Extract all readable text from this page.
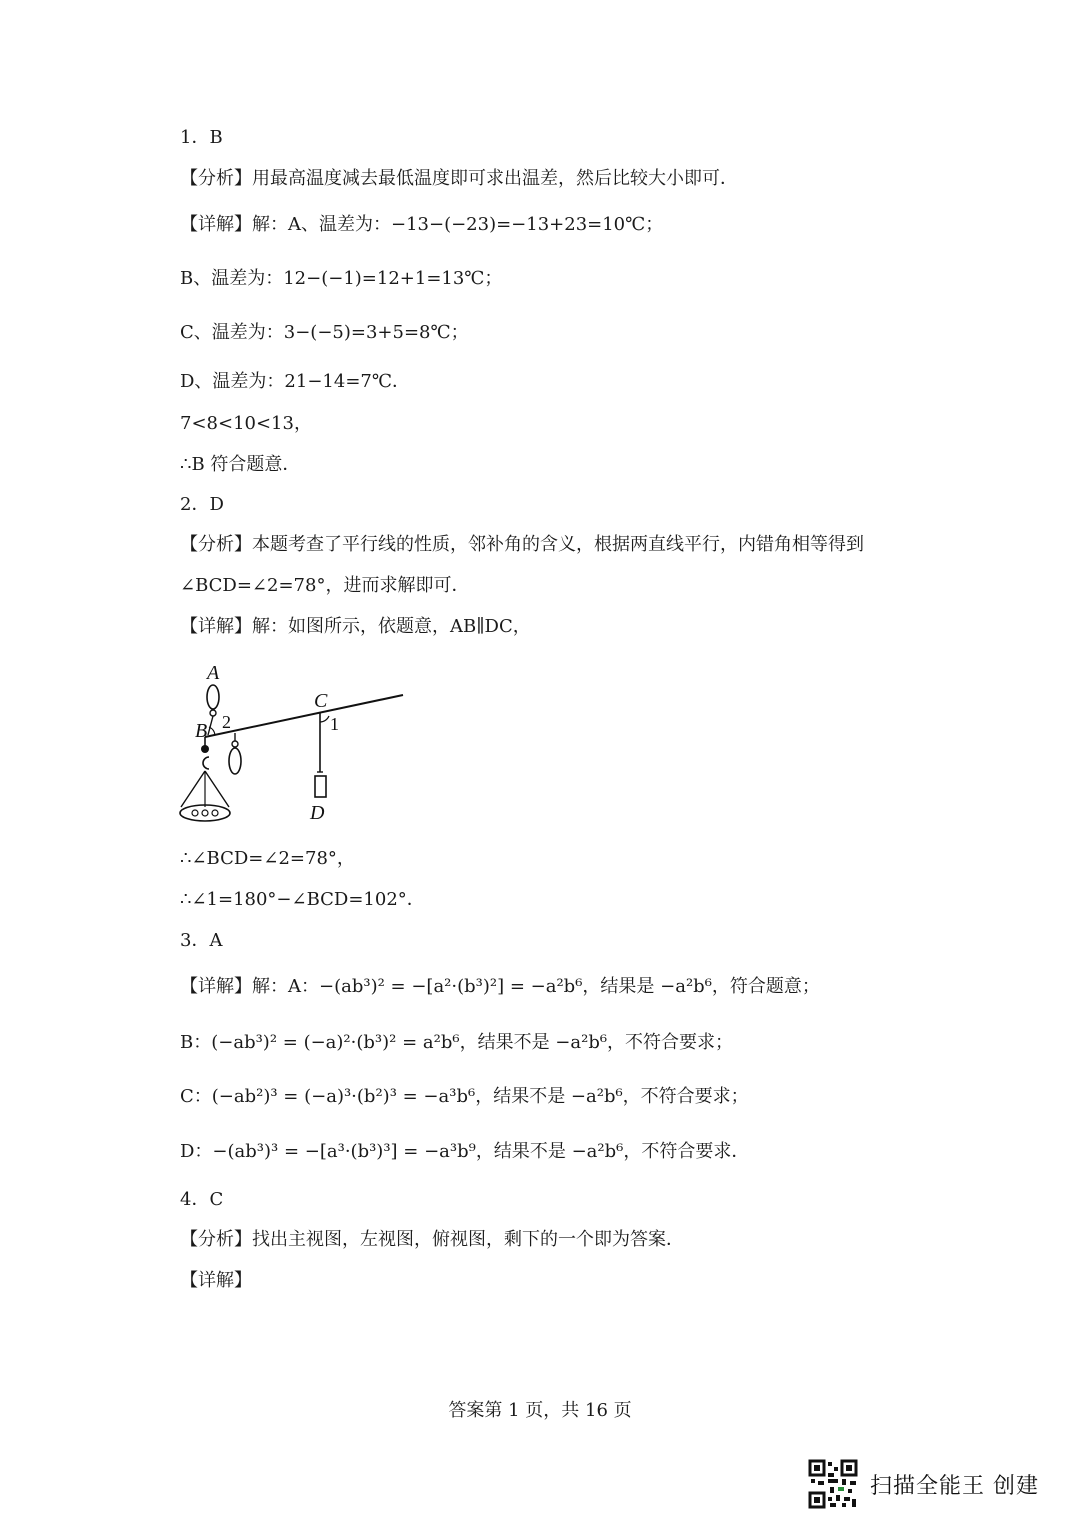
1．B
【分析】用最高温度减去最低温度即可求出温差，然后比较大小即可．
【详解】解：A、温差为：−13−(−23)=−13+23=10℃；
B、温差为：12−(−1)=12+1=13℃；
C、温差为：3−(−5)=3+5=8℃；
D、温差为：21−14=7℃．
7<8<10<13，
∴B 符合题意．
2．D
【分析】本题考查了平行线的性质，邻补角的含义，根据两直线平行，内错角相等得到
∠BCD=∠2=78°，进而求解即可．
【详解】解：如图所示，依题意，AB∥DC，
A
B 2
C
1
D
∴∠BCD=∠2=78°，
∴∠1=180°−∠BCD=102°．
3．A
【详解】解：A：−(ab³)² = −[a²·(b³)²] = −a²b⁶，结果是 −a²b⁶，符合题意；
B：(−ab³)² = (−a)²·(b³)² = a²b⁶，结果不是 −a²b⁶，不符合要求；
C：(−ab²)³ = (−a)³·(b²)³ = −a³b⁶，结果不是 −a²b⁶，不符合要求；
D：−(ab³)³ = −[a³·(b³)³] = −a³b⁹，结果不是 −a²b⁶，不符合要求．
4．C
【分析】找出主视图，左视图，俯视图，剩下的一个即为答案．
【详解】
答案第 1 页，共 16 页
扫描全能王 创建
